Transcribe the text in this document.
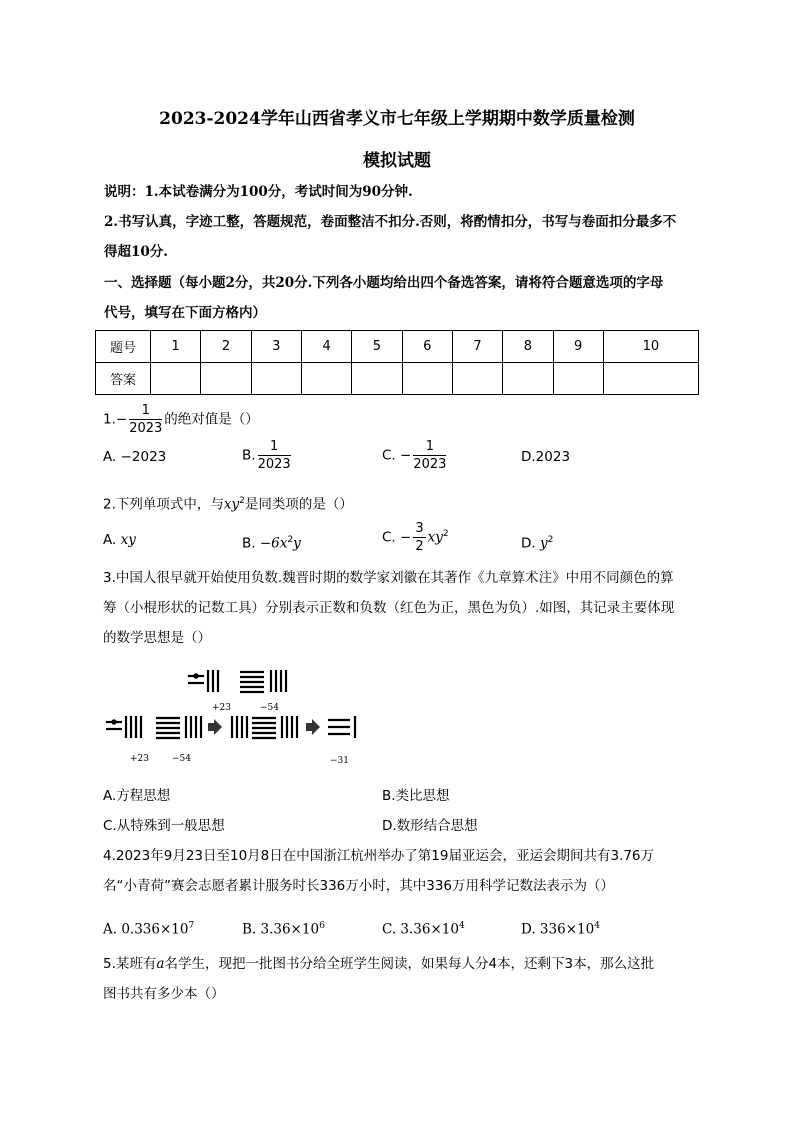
2023-2024学年山西省孝义市七年级上学期期中数学质量检测
模拟试题
说明：1.本试卷满分为100分，考试时间为90分钟.
2.书写认真，字迹工整，答题规范，卷面整洁不扣分.否则，将酌情扣分，书写与卷面扣分最多不
得超10分.
一、选择题（每小题2分，共20分.下列各小题均给出四个备选答案，请将符合题意选项的字母
代号，填写在下面方格内）
题号	1	2	3	4	5	6	7	8	9	10
答案										
$1.- \frac{1}{2023}$ 的绝对值是（）
A. −2023	B. $\frac{1}{2023}$	C. − $\frac{1}{2023}$	D.2023
2.下列单项式中，与$xy^2$是同类项的是（）
A. xy	B. $-6x^2y$	C. − $\frac{3}{2} xy^2$
D. $y^2$
3.中国人很早就开始使用负数.魏晋时期的数学家刘徽在其著作《九章算术注》中用不同颜色的算
筹（小棍形状的记数工具）分别表示正数和负数（红色为正，黑色为负）.如图，其记录主要体现
的数学思想是（）
+23	−54
+23	−54	−31
A.方程思想	B.类比思想
C.从特殊到一般思想	D.数形结合思想
4.2023年9月23日至10月8日在中国浙江杭州举办了第19届亚运会，亚运会期间共有3.76万
名“小青荷”赛会志愿者累计服务时长336万小时，其中336万用科学记数法表示为（）
A. $0.336\times 10^7$	B. $3.36\times 10^6$	C. $3.36\times 10^4$	D. $336\times 10^4$
5.某班有a名学生，现把一批图书分给全班学生阅读，如果每人分4本，还剩下3本，那么这批
图书共有多少本（）
